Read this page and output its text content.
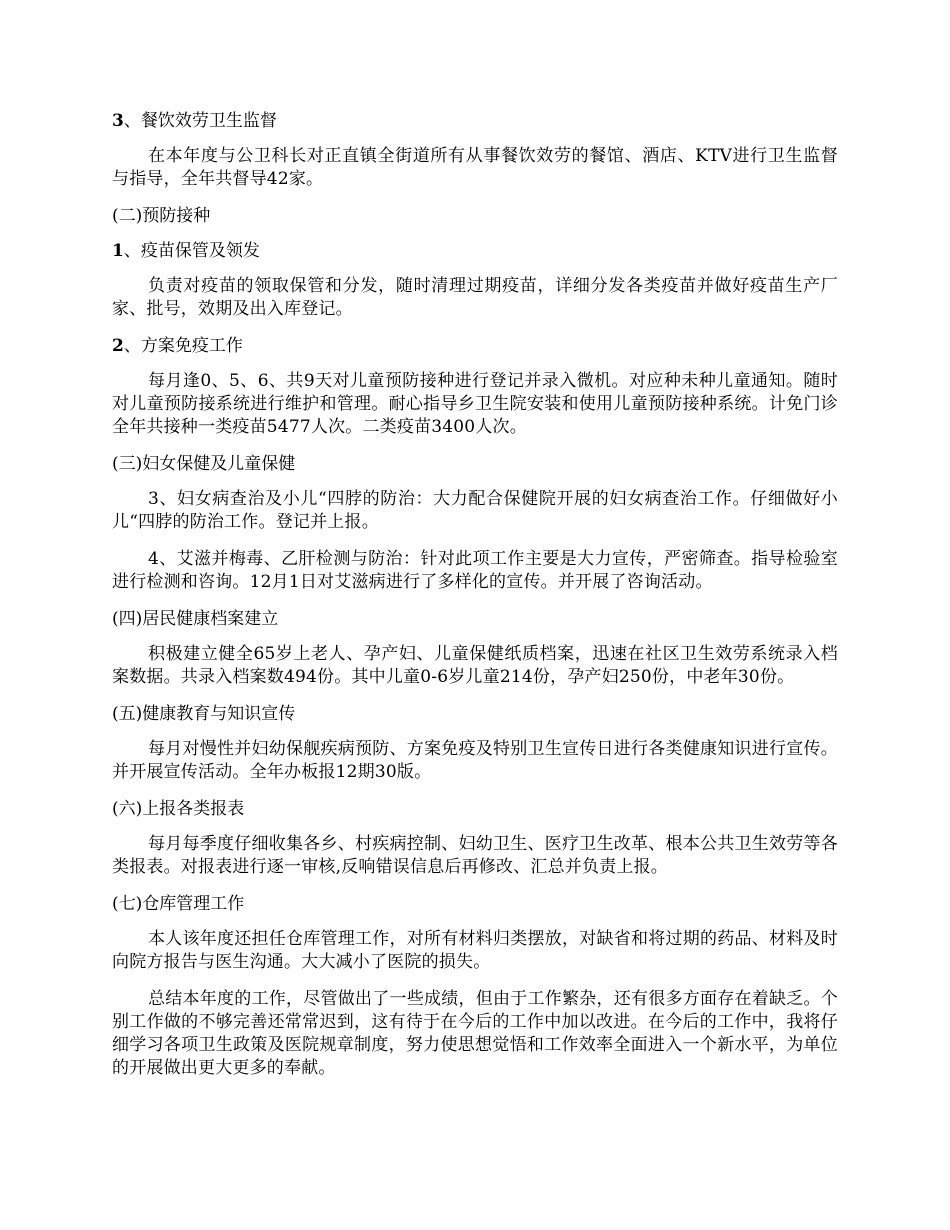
3、餐饮效劳卫生监督

在本年度与公卫科长对正直镇全街道所有从事餐饮效劳的餐馆、酒店、KTV进行卫生监督与指导，全年共督导42家。

(二)预防接种

1、疫苗保管及领发

负责对疫苗的领取保管和分发，随时清理过期疫苗，详细分发各类疫苗并做好疫苗生产厂家、批号，效期及出入库登记。

2、方案免疫工作

每月逢0、5、6、共9天对儿童预防接种进行登记并录入微机。对应种未种儿童通知。随时对儿童预防接系统进行维护和管理。耐心指导乡卫生院安装和使用儿童预防接种系统。计免门诊全年共接种一类疫苗5477人次。二类疫苗3400人次。

(三)妇女保健及儿童保健

3、妇女病查治及小儿“四脖的防治：大力配合保健院开展的妇女病查治工作。仔细做好小儿“四脖的防治工作。登记并上报。

4、艾滋并梅毒、乙肝检测与防治：针对此项工作主要是大力宣传，严密筛查。指导检验室进行检测和咨询。12月1日对艾滋病进行了多样化的宣传。并开展了咨询活动。

(四)居民健康档案建立

积极建立健全65岁上老人、孕产妇、儿童保健纸质档案，迅速在社区卫生效劳系统录入档案数据。共录入档案数494份。其中儿童0-6岁儿童214份，孕产妇250份，中老年30份。

(五)健康教育与知识宣传

每月对慢性并妇幼保舰疾病预防、方案免疫及特别卫生宣传日进行各类健康知识进行宣传。并开展宣传活动。全年办板报12期30版。

(六)上报各类报表

每月每季度仔细收集各乡、村疾病控制、妇幼卫生、医疗卫生改革、根本公共卫生效劳等各类报表。对报表进行逐一审核,反响错误信息后再修改、汇总并负责上报。

(七)仓库管理工作

本人该年度还担任仓库管理工作，对所有材料归类摆放，对缺省和将过期的药品、材料及时向院方报告与医生沟通。大大减小了医院的损失。

总结本年度的工作，尽管做出了一些成绩，但由于工作繁杂，还有很多方面存在着缺乏。个别工作做的不够完善还常常迟到，这有待于在今后的工作中加以改进。在今后的工作中，我将仔细学习各项卫生政策及医院规章制度，努力使思想觉悟和工作效率全面进入一个新水平，为单位的开展做出更大更多的奉献。
